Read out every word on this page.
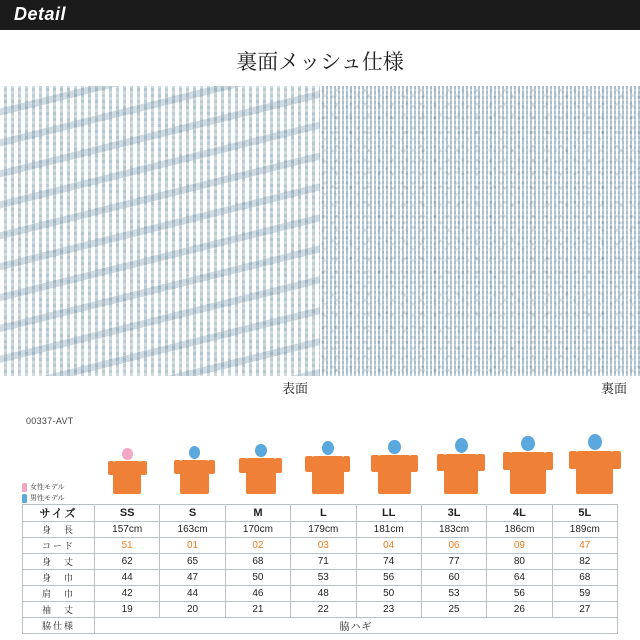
Detail
裏面メッシュ仕様
表面	裏面
00337-AVT
女性モデル
男性モデル
サイズ	SS	S	M	L	LL	3L	4L	5L
身　長	157cm	163cm	170cm	179cm	181cm	183cm	186cm	189cm
コード	51	01	02	03	04	06	09	47
身　丈	62	65	68	71	74	77	80	82
身　巾	44	47	50	53	56	60	64	68
肩　巾	42	44	46	48	50	53	56	59
袖　丈	19	20	21	22	23	25	26	27
脇仕様	脇ハギ							
